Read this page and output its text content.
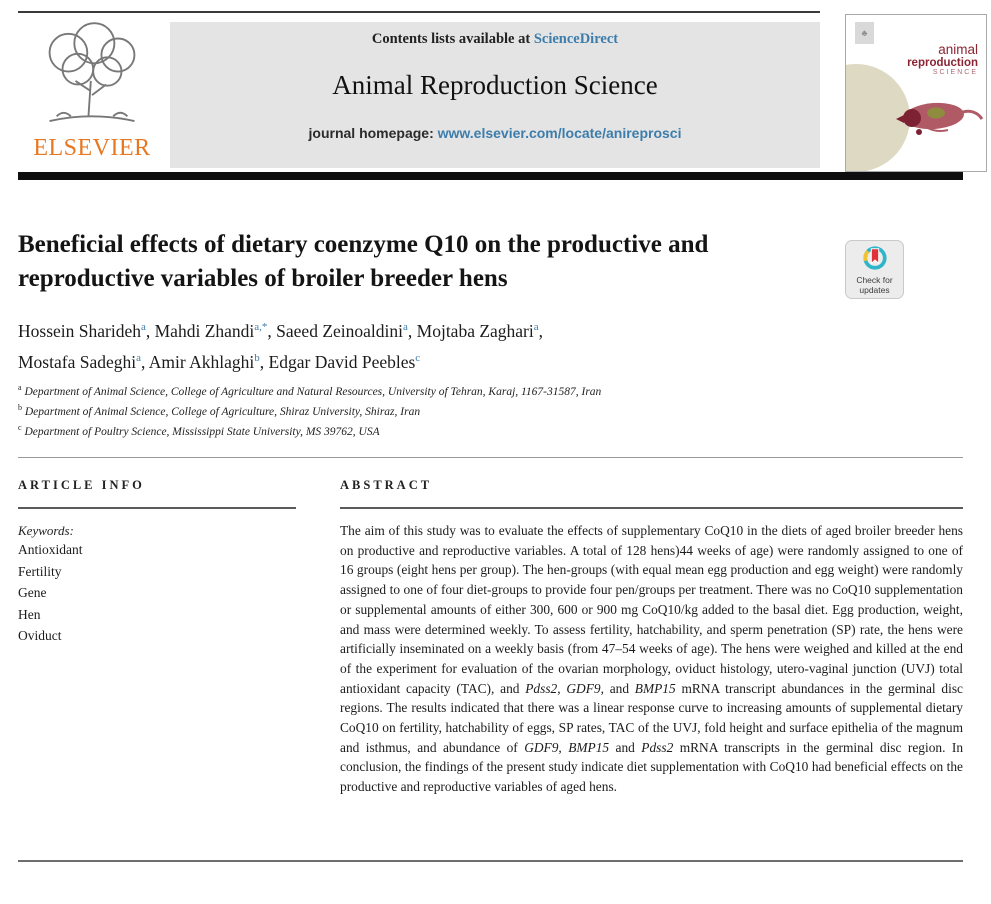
ELSEVIER
Contents lists available at ScienceDirect
Animal Reproduction Science
journal homepage: www.elsevier.com/locate/anireprosci
♣
animal
reproduction
SCIENCE
Beneficial effects of dietary coenzyme Q10 on the productive and reproductive variables of broiler breeder hens	Check for
updates
Hossein Sharideh$^a$, Mahdi Zhandi$^{a,*}$, Saeed Zeinoaldini$^a$, Mojtaba Zaghari$^a$,
Mostafa Sadeghi$^a$, Amir Akhlaghi$^b$, Edgar David Peebles$^c$
$^a$ Department of Animal Science, College of Agriculture and Natural Resources, University of Tehran, Karaj, 1167-31587, Iran
$^b$ Department of Animal Science, College of Agriculture, Shiraz University, Shiraz, Iran
$^c$ Department of Poultry Science, Mississippi State University, MS 39762, USA
ARTICLE INFO
Keywords:
Antioxidant
Fertility
Gene
Hen
Oviduct
ABSTRACT
The aim of this study was to evaluate the effects of supplementary CoQ10 in the diets of aged broiler breeder hens on productive and reproductive variables. A total of 128 hens)44 weeks of age) were randomly assigned to one of 16 groups (eight hens per group). The hen-groups (with equal mean egg production and egg weight) were randomly assigned to one of four diet-groups to provide four pen/groups per treatment. There was no CoQ10 supplementation or supplemental amounts of either 300, 600 or 900 mg CoQ10/kg added to the basal diet. Egg production, weight, and mass were determined weekly. To assess fertility, hatchability, and sperm penetration (SP) rate, the hens were artificially inseminated on a weekly basis (from 47–54 weeks of age). The hens were weighed and killed at the end of the experiment for evaluation of the ovarian morphology, oviduct histology, utero-vaginal junction (UVJ) total antioxidant capacity (TAC), and Pdss2, GDF9, and BMP15 mRNA transcript abundances in the germinal disc regions. The results indicated that there was a linear response curve to increasing amounts of supplemental dietary CoQ10 on fertility, hatchability of eggs, SP rates, TAC of the UVJ, fold height and surface epithelia of the magnum and isthmus, and abundance of GDF9, BMP15 and Pdss2 mRNA transcripts in the germinal disc region. In conclusion, the findings of the present study indicate diet supplementation with CoQ10 had beneficial effects on the productive and reproductive variables of aged hens.
